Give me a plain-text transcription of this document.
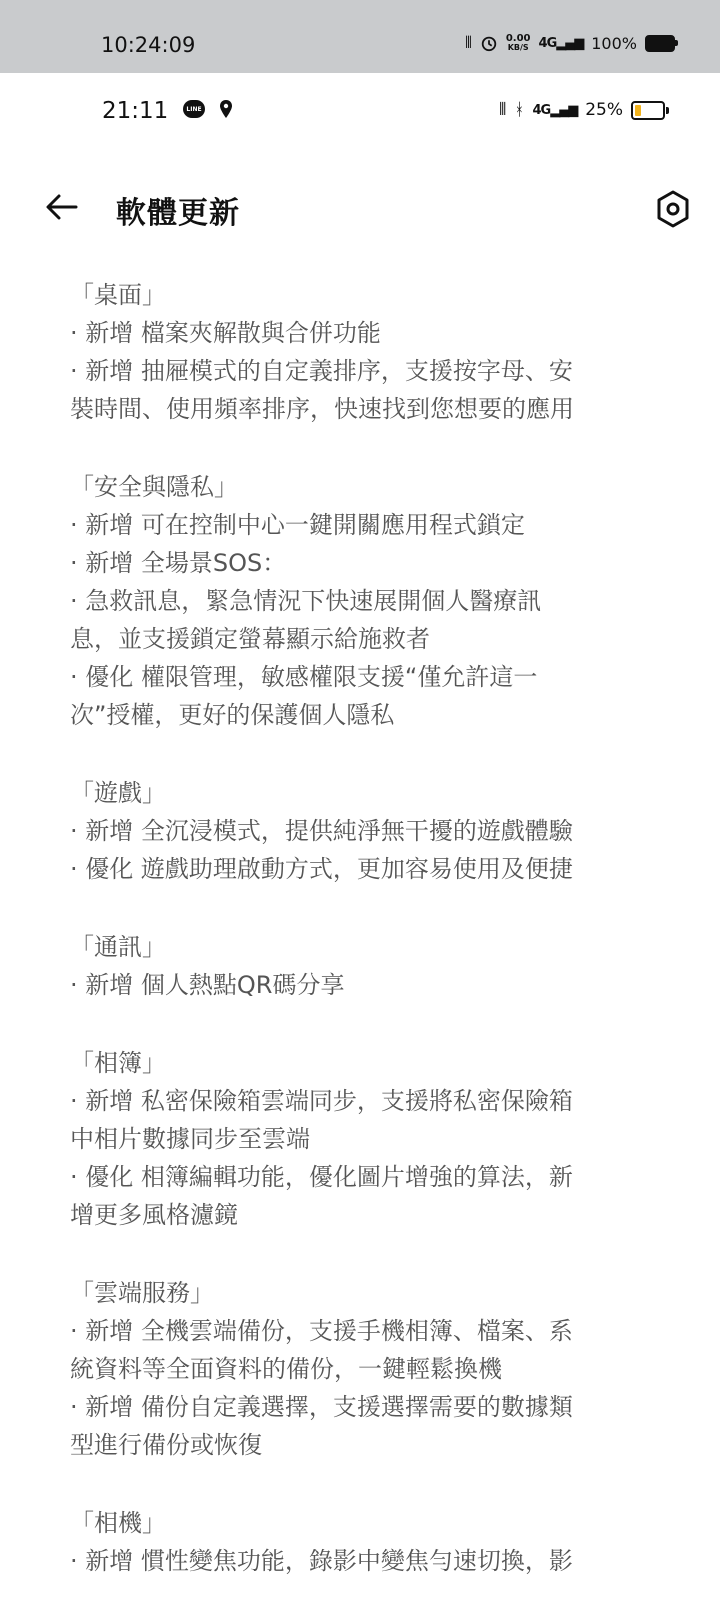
10:24:09	⫴	0.00
KB/S 4G▂▄▆ 100%
21:11	LINE	⫴ ᚼ 4G▂▄▆ 25%
軟體更新
「桌面」
· 新增 檔案夾解散與合併功能
· 新增 抽屜模式的自定義排序，支援按字母、安
裝時間、使用頻率排序，快速找到您想要的應用
「安全與隱私」
· 新增 可在控制中心一鍵開關應用程式鎖定
· 新增 全場景SOS：
· 急救訊息，緊急情況下快速展開個人醫療訊
息，並支援鎖定螢幕顯示給施救者
· 優化 權限管理，敏感權限支援“僅允許這一
次”授權，更好的保護個人隱私
「遊戲」
· 新增 全沉浸模式，提供純淨無干擾的遊戲體驗
· 優化 遊戲助理啟動方式，更加容易使用及便捷
「通訊」
· 新增 個人熱點QR碼分享
「相簿」
· 新增 私密保險箱雲端同步，支援將私密保險箱
中相片數據同步至雲端
· 優化 相簿編輯功能，優化圖片增強的算法，新
增更多風格濾鏡
「雲端服務」
· 新增 全機雲端備份，支援手機相簿、檔案、系
統資料等全面資料的備份，一鍵輕鬆換機
· 新增 備份自定義選擇，支援選擇需要的數據類
型進行備份或恢復
「相機」
· 新增 慣性變焦功能，錄影中變焦勻速切換，影
